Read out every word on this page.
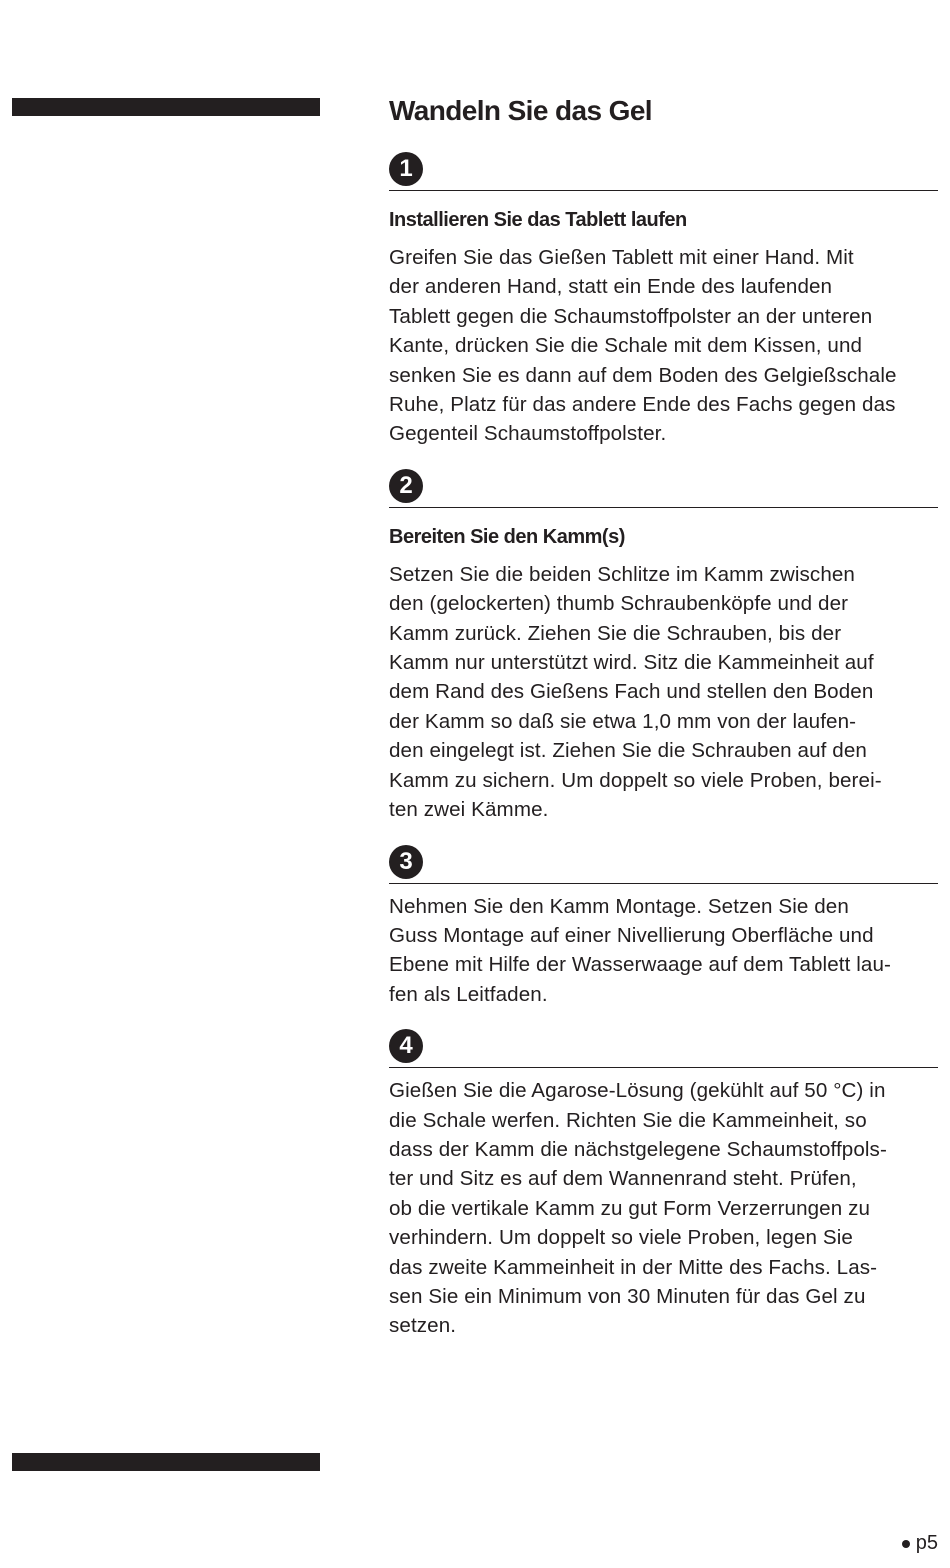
Wandeln Sie das Gel
1
Installieren Sie das Tablett laufen

Greifen Sie das Gießen Tablett mit einer Hand. Mit
der anderen Hand, statt ein Ende des laufenden
Tablett gegen die Schaumstoffpolster an der unteren
Kante, drücken Sie die Schale mit dem Kissen, und
senken Sie es dann auf dem Boden des Gelgießschale
Ruhe, Platz für das andere Ende des Fachs gegen das
Gegenteil Schaumstoffpolster.

2
Bereiten Sie den Kamm(s)

Setzen Sie die beiden Schlitze im Kamm zwischen
den (gelockerten) thumb Schraubenköpfe und der
Kamm zurück. Ziehen Sie die Schrauben, bis der
Kamm nur unterstützt wird. Sitz die Kammeinheit auf
dem Rand des Gießens Fach und stellen den Boden
der Kamm so daß sie etwa 1,0 mm von der laufen-
den eingelegt ist. Ziehen Sie die Schrauben auf den
Kamm zu sichern. Um doppelt so viele Proben, berei-
ten zwei Kämme.

3

Nehmen Sie den Kamm Montage. Setzen Sie den
Guss Montage auf einer Nivellierung Oberfläche und
Ebene mit Hilfe der Wasserwaage auf dem Tablett lau-
fen als Leitfaden.

4

Gießen Sie die Agarose-Lösung (gekühlt auf 50 °C) in
die Schale werfen. Richten Sie die Kammeinheit, so
dass der Kamm die nächstgelegene Schaumstoffpols-
ter und Sitz es auf dem Wannenrand steht. Prüfen,
ob die vertikale Kamm zu gut Form Verzerrungen zu
verhindern. Um doppelt so viele Proben, legen Sie
das zweite Kammeinheit in der Mitte des Fachs. Las-
sen Sie ein Minimum von 30 Minuten für das Gel zu
setzen.

p5
